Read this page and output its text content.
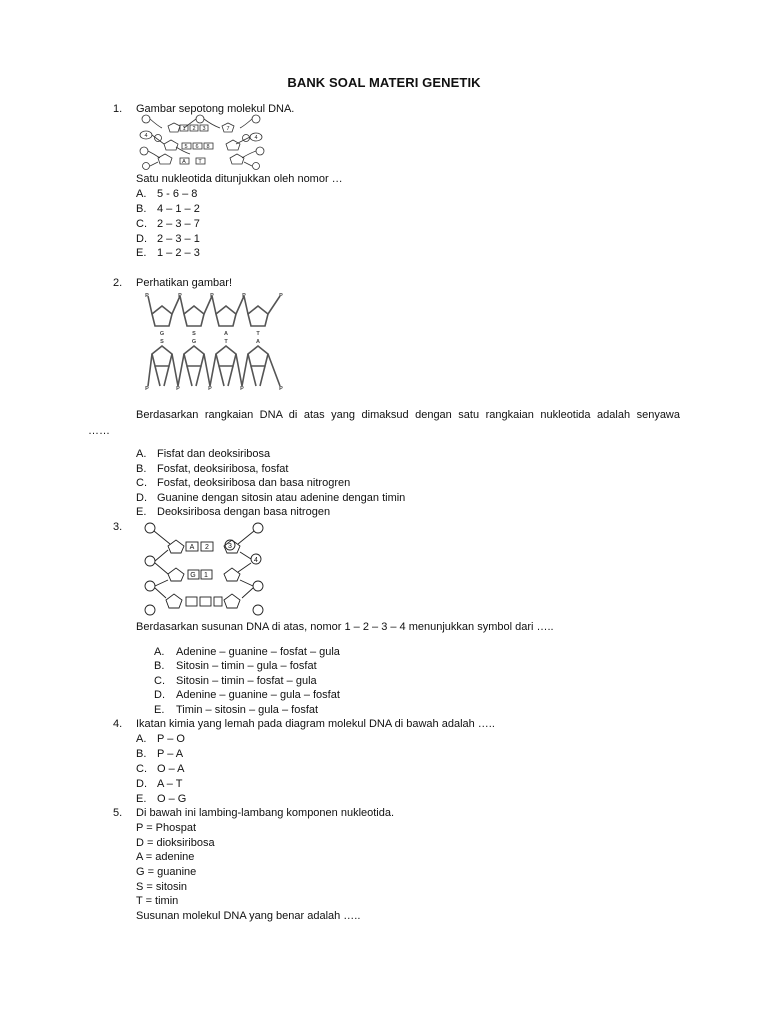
BANK SOAL MATERI GENETIK
1. Gambar sepotong molekul DNA.
1 2 3	7
4	4
5 6 8
A T
Satu nukleotida ditunjukkan oleh nomor …
A. 5 - 6 – 8
B. 4 – 1 – 2
C. 2 – 3 – 7
D. 2 – 3 – 1
E. 1 – 2 – 3
2. Perhatikan gambar!
P	P	P	P	P
G	S	A	T
S	G	T	A
P	P	P	P	P
Berdasarkan rangkaian DNA di atas yang dimaksud dengan satu rangkaian nukleotida adalah senyawa
……
A. Fisfat dan deoksiribosa
B. Fosfat, deoksiribosa, fosfat
C. Fosfat, deoksiribosa dan basa nitrogren
D. Guanine dengan sitosin atau adenine dengan timin
E. Deoksiribosa dengan basa nitrogen
3.
A 2	3
4
G 1
Berdasarkan susunan DNA di atas, nomor 1 – 2 – 3 – 4 menunjukkan symbol dari …..
A. Adenine – guanine – fosfat – gula
B. Sitosin – timin – gula – fosfat
C. Sitosin – timin – fosfat – gula
D. Adenine – guanine – gula – fosfat
E. Timin – sitosin – gula – fosfat
4. Ikatan kimia yang lemah pada diagram molekul DNA di bawah adalah …..
A. P – O
B. P – A
C. O – A
D. A – T
E. O – G
5. Di bawah ini lambing-lambang komponen nukleotida.
P = Phospat
D = dioksiribosa
A = adenine
G = guanine
S = sitosin
T = timin
Susunan molekul DNA yang benar adalah …..
